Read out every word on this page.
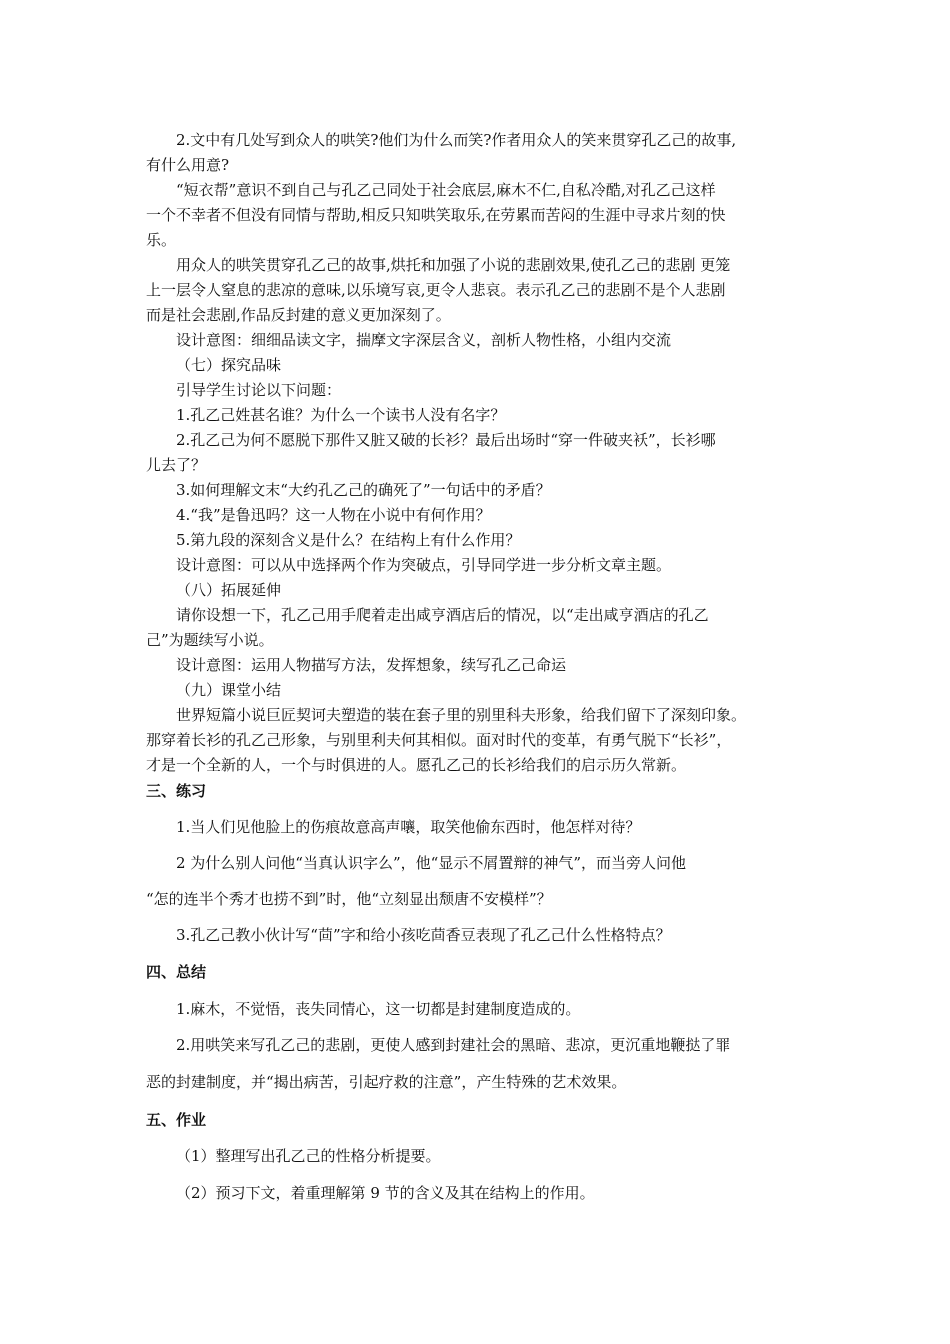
2.文中有几处写到众人的哄笑?他们为什么而笑?作者用众人的笑来贯穿孔乙己的故事,
有什么用意?
“短衣帮”意识不到自己与孔乙己同处于社会底层,麻木不仁,自私冷酷,对孔乙己这样
一个不幸者不但没有同情与帮助,相反只知哄笑取乐,在劳累而苦闷的生涯中寻求片刻的快
乐。
用众人的哄笑贯穿孔乙己的故事,烘托和加强了小说的悲剧效果,使孔乙己的悲剧 更笼
上一层令人窒息的悲凉的意味,以乐境写哀,更令人悲哀。表示孔乙己的悲剧不是个人悲剧
而是社会悲剧,作品反封建的意义更加深刻了。
设计意图：细细品读文字，揣摩文字深层含义，剖析人物性格，小组内交流
（七）探究品味
引导学生讨论以下问题：
1.孔乙己姓甚名谁？为什么一个读书人没有名字？
2.孔乙己为何不愿脱下那件又脏又破的长衫？最后出场时“穿一件破夹袄”，长衫哪
儿去了？
3.如何理解文末“大约孔乙己的确死了”一句话中的矛盾？
4.“我”是鲁迅吗？这一人物在小说中有何作用？
5.第九段的深刻含义是什么？在结构上有什么作用？
设计意图：可以从中选择两个作为突破点，引导同学进一步分析文章主题。
（八）拓展延伸
请你设想一下，孔乙己用手爬着走出咸亨酒店后的情况，以“走出咸亨酒店的孔乙
己”为题续写小说。
设计意图：运用人物描写方法，发挥想象，续写孔乙己命运
（九）课堂小结
世界短篇小说巨匠契诃夫塑造的装在套子里的别里科夫形象，给我们留下了深刻印象。
那穿着长衫的孔乙己形象，与别里利夫何其相似。面对时代的变革，有勇气脱下“长衫”，
才是一个全新的人，一个与时俱进的人。愿孔乙己的长衫给我们的启示历久常新。
三、练习
1.当人们见他脸上的伤痕故意高声嚷，取笑他偷东西时，他怎样对待？
2 为什么别人问他“当真认识字么”，他“显示不屑置辩的神气”，而当旁人问他
“怎的连半个秀才也捞不到”时，他“立刻显出颓唐不安模样”？
3.孔乙己教小伙计写“茴”字和给小孩吃茴香豆表现了孔乙己什么性格特点？
四、总结
1.麻木，不觉悟，丧失同情心，这一切都是封建制度造成的。
2.用哄笑来写孔乙己的悲剧，更使人感到封建社会的黑暗、悲凉，更沉重地鞭挞了罪
恶的封建制度，并“揭出病苦，引起疗救的注意”，产生特殊的艺术效果。
五、作业
（1）整理写出孔乙己的性格分析提要。
（2）预习下文，着重理解第 9 节的含义及其在结构上的作用。
